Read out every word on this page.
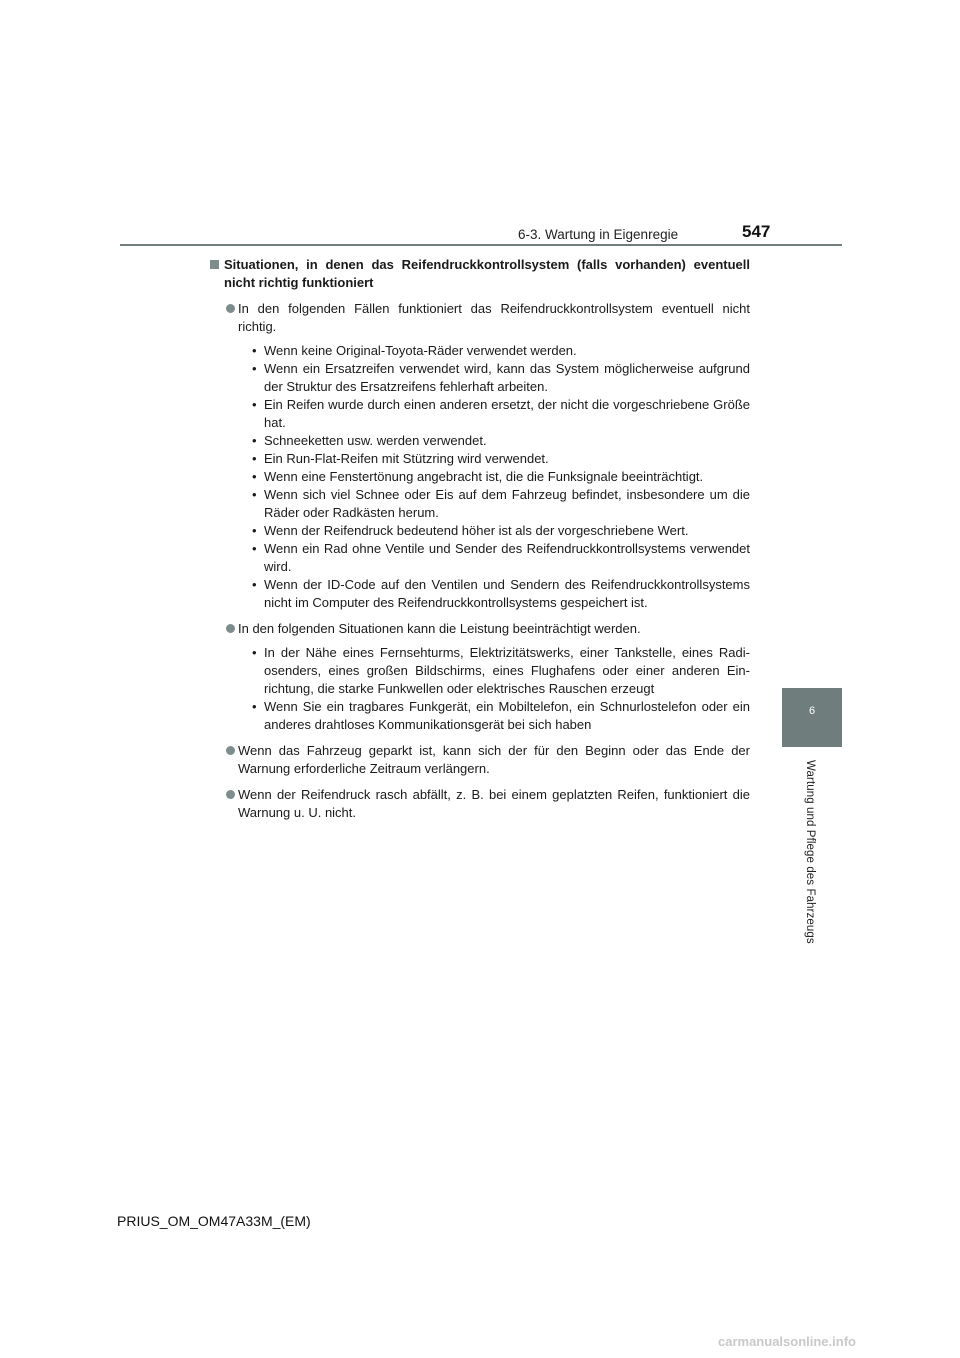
6-3. Wartung in Eigenregie	547
6
Wartung und Pflege des Fahrzeugs
Situationen, in denen das Reifendruckkontrollsystem (falls vorhanden) eventuell nicht richtig funktioniert
In den folgenden Fällen funktioniert das Reifendruckkontrollsystem eventuell nicht richtig.
• Wenn keine Original-Toyota-Räder verwendet werden.
• Wenn ein Ersatzreifen verwendet wird, kann das System möglicherweise aufgrund der Struktur des Ersatzreifens fehlerhaft arbeiten.
• Ein Reifen wurde durch einen anderen ersetzt, der nicht die vorgeschriebene Größe hat.
• Schneeketten usw. werden verwendet.
• Ein Run-Flat-Reifen mit Stützring wird verwendet.
• Wenn eine Fenstertönung angebracht ist, die die Funksignale beeinträchtigt.
• Wenn sich viel Schnee oder Eis auf dem Fahrzeug befindet, insbesondere um die Räder oder Radkästen herum.
• Wenn der Reifendruck bedeutend höher ist als der vorgeschriebene Wert.
• Wenn ein Rad ohne Ventile und Sender des Reifendruckkontrollsystems verwendet wird.
• Wenn der ID-Code auf den Ventilen und Sendern des Reifendruckkontrollsystems nicht im Computer des Reifendruckkontrollsystems gespeichert ist.
In den folgenden Situationen kann die Leistung beeinträchtigt werden.
• In der Nähe eines Fernsehturms, Elektrizitätswerks, einer Tankstelle, eines Radiosenders, eines großen Bildschirms, eines Flughafens oder einer anderen Einrichtung, die starke Funkwellen oder elektrisches Rauschen erzeugt
• Wenn Sie ein tragbares Funkgerät, ein Mobiltelefon, ein Schnurlostelefon oder ein anderes drahtloses Kommunikationsgerät bei sich haben
Wenn das Fahrzeug geparkt ist, kann sich der für den Beginn oder das Ende der Warnung erforderliche Zeitraum verlängern.
Wenn der Reifendruck rasch abfällt, z. B. bei einem geplatzten Reifen, funktioniert die Warnung u. U. nicht.
PRIUS_OM_OM47A33M_(EM)
carmanualsonline.info
